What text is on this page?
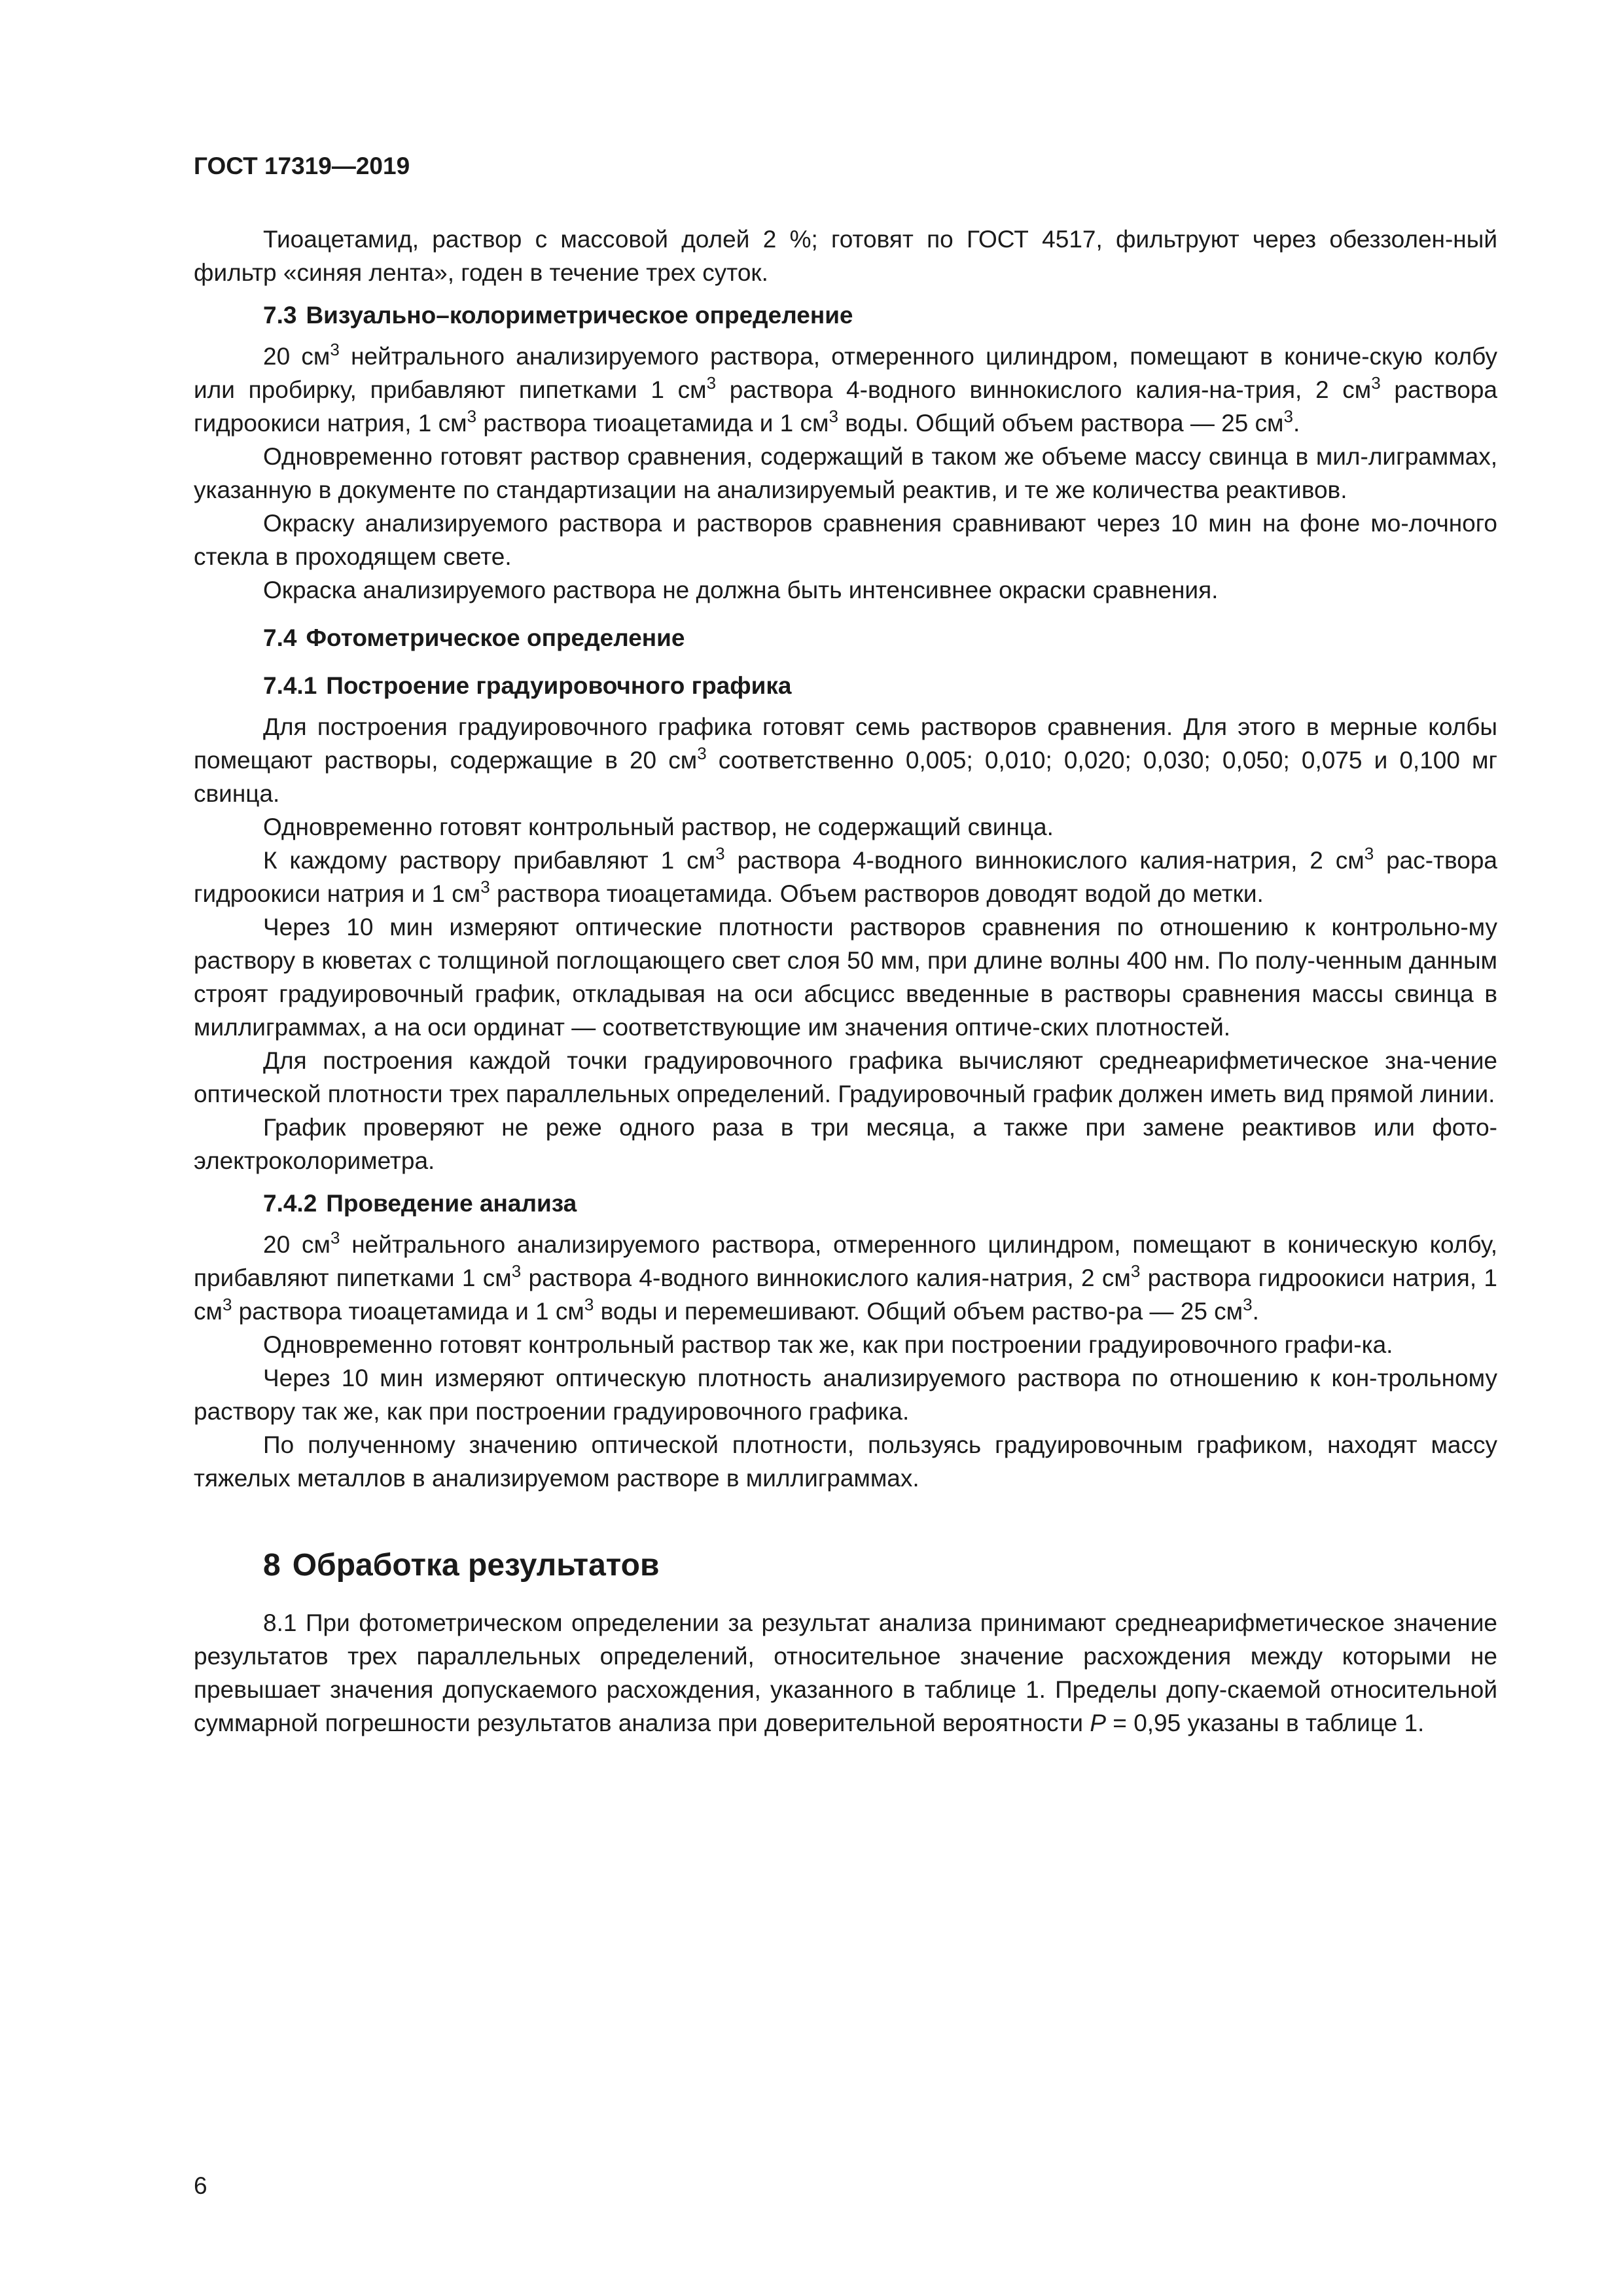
ГОСТ 17319—2019

Тиоацетамид, раствор с массовой долей 2 %; готовят по ГОСТ 4517, фильтруют через обеззолен-ный фильтр «синяя лента», годен в течение трех суток.

7.3 Визуально–колориметрическое определение

20 $см^3$ нейтрального анализируемого раствора, отмеренного цилиндром, помещают в кониче-скую колбу или пробирку, прибавляют пипетками 1 $см^3$ раствора 4-водного виннокислого калия-на-трия, 2 $см^3$ раствора гидроокиси натрия, 1 $см^3$ раствора тиоацетамида и 1 $см^3$ воды. Общий объем раствора — 25 $см^3$.

Одновременно готовят раствор сравнения, содержащий в таком же объеме массу свинца в мил-лиграммах, указанную в документе по стандартизации на анализируемый реактив, и те же количества реактивов.

Окраску анализируемого раствора и растворов сравнения сравнивают через 10 мин на фоне мо-лочного стекла в проходящем свете.

Окраска анализируемого раствора не должна быть интенсивнее окраски сравнения.

7.4 Фотометрическое определение
7.4.1 Построение градуировочного графика

Для построения градуировочного графика готовят семь растворов сравнения. Для этого в мерные колбы помещают растворы, содержащие в 20 $см^3$ соответственно 0,005; 0,010; 0,020; 0,030; 0,050; 0,075 и 0,100 мг свинца.

Одновременно готовят контрольный раствор, не содержащий свинца.

К каждому раствору прибавляют 1 $см^3$ раствора 4-водного виннокислого калия-натрия, 2 $см^3$ рас-твора гидроокиси натрия и 1 $см^3$ раствора тиоацетамида. Объем растворов доводят водой до метки.

Через 10 мин измеряют оптические плотности растворов сравнения по отношению к контрольно-му раствору в кюветах с толщиной поглощающего свет слоя 50 мм, при длине волны 400 нм. По полу-ченным данным строят градуировочный график, откладывая на оси абсцисс введенные в растворы сравнения массы свинца в миллиграммах, а на оси ординат — соответствующие им значения оптиче-ских плотностей.

Для построения каждой точки градуировочного графика вычисляют среднеарифметическое зна-чение оптической плотности трех параллельных определений. Градуировочный график должен иметь вид прямой линии.

График проверяют не реже одного раза в три месяца, а также при замене реактивов или фото-электроколориметра.

7.4.2 Проведение анализа

20 $см^3$ нейтрального анализируемого раствора, отмеренного цилиндром, помещают в коническую колбу, прибавляют пипетками 1 $см^3$ раствора 4-водного виннокислого калия-натрия, 2 $см^3$ раствора гидроокиси натрия, 1 $см^3$ раствора тиоацетамида и 1 $см^3$ воды и перемешивают. Общий объем раство-ра — 25 $см^3$.

Одновременно готовят контрольный раствор так же, как при построении градуировочного графи-ка.

Через 10 мин измеряют оптическую плотность анализируемого раствора по отношению к кон-трольному раствору так же, как при построении градуировочного графика.

По полученному значению оптической плотности, пользуясь градуировочным графиком, находят массу тяжелых металлов в анализируемом растворе в миллиграммах.

8 Обработка результатов

8.1 При фотометрическом определении за результат анализа принимают среднеарифметическое значение результатов трех параллельных определений, относительное значение расхождения между которыми не превышает значения допускаемого расхождения, указанного в таблице 1. Пределы допу-скаемой относительной суммарной погрешности результатов анализа при доверительной вероятности P = 0,95 указаны в таблице 1.

6
